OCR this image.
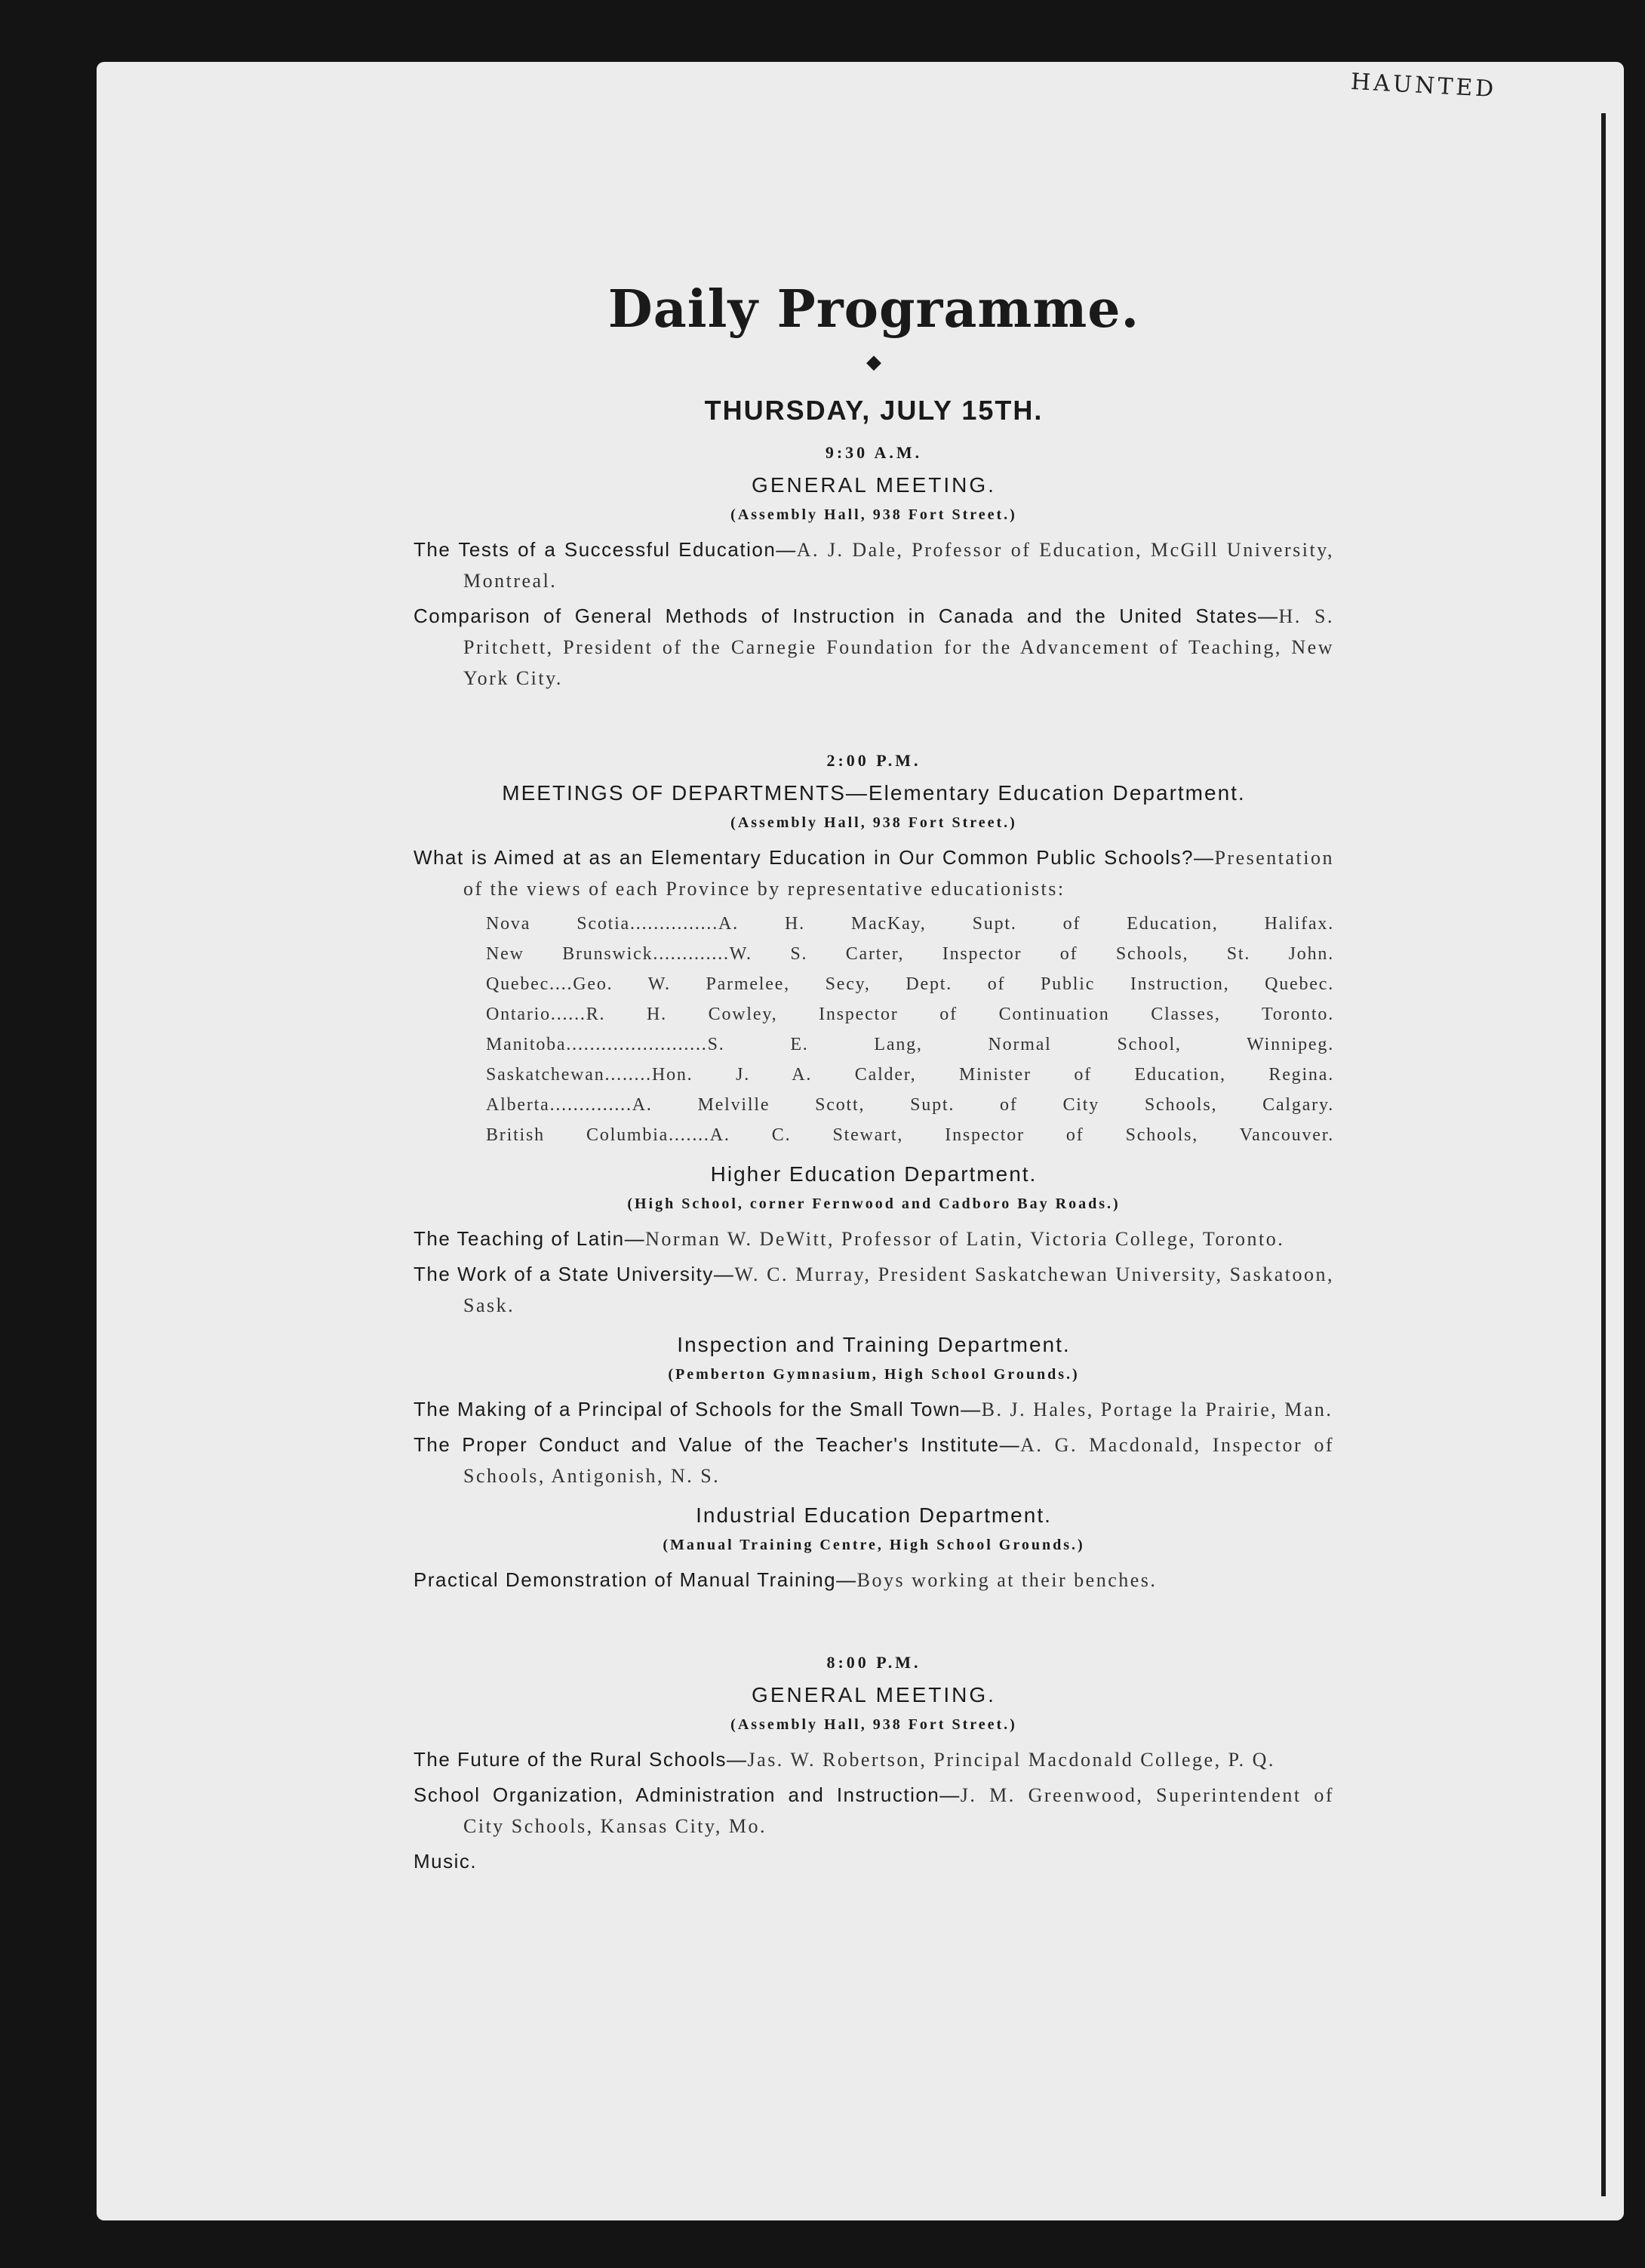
HAUNTED
Daily Programme.
◆
THURSDAY, JULY 15TH.
9:30 A.M.
GENERAL MEETING.
(Assembly Hall, 938 Fort Street.)

The Tests of a Successful Education—A. J. Dale, Professor of Education, McGill University, Montreal.

Comparison of General Methods of Instruction in Canada and the United States—H. S. Pritchett, President of the Carnegie Foundation for the Advancement of Teaching, New York City.

2:00 P.M.
MEETINGS OF DEPARTMENTS—Elementary Education Department.
(Assembly Hall, 938 Fort Street.)

What is Aimed at as an Elementary Education in Our Common Public Schools?—Presentation of the views of each Province by representative educationists:

Nova Scotia...............A. H. MacKay, Supt. of Education, Halifax.
New Brunswick.............W. S. Carter, Inspector of Schools, St. John.
Quebec....Geo. W. Parmelee, Secy, Dept. of Public Instruction, Quebec.
Ontario......R. H. Cowley, Inspector of Continuation Classes, Toronto.
Manitoba........................S. E. Lang, Normal School, Winnipeg.
Saskatchewan........Hon. J. A. Calder, Minister of Education, Regina.
Alberta..............A. Melville Scott, Supt. of City Schools, Calgary.
British Columbia.......A. C. Stewart, Inspector of Schools, Vancouver.
Higher Education Department.
(High School, corner Fernwood and Cadboro Bay Roads.)

The Teaching of Latin—Norman W. DeWitt, Professor of Latin, Victoria College, Toronto.

The Work of a State University—W. C. Murray, President Saskatchewan University, Saskatoon, Sask.

Inspection and Training Department.
(Pemberton Gymnasium, High School Grounds.)

The Making of a Principal of Schools for the Small Town—B. J. Hales, Portage la Prairie, Man.

The Proper Conduct and Value of the Teacher's Institute—A. G. Macdonald, Inspector of Schools, Antigonish, N. S.

Industrial Education Department.
(Manual Training Centre, High School Grounds.)

Practical Demonstration of Manual Training—Boys working at their benches.

8:00 P.M.
GENERAL MEETING.
(Assembly Hall, 938 Fort Street.)

The Future of the Rural Schools—Jas. W. Robertson, Principal Macdonald College, P. Q.

School Organization, Administration and Instruction—J. M. Greenwood, Superintendent of City Schools, Kansas City, Mo.

Music.
